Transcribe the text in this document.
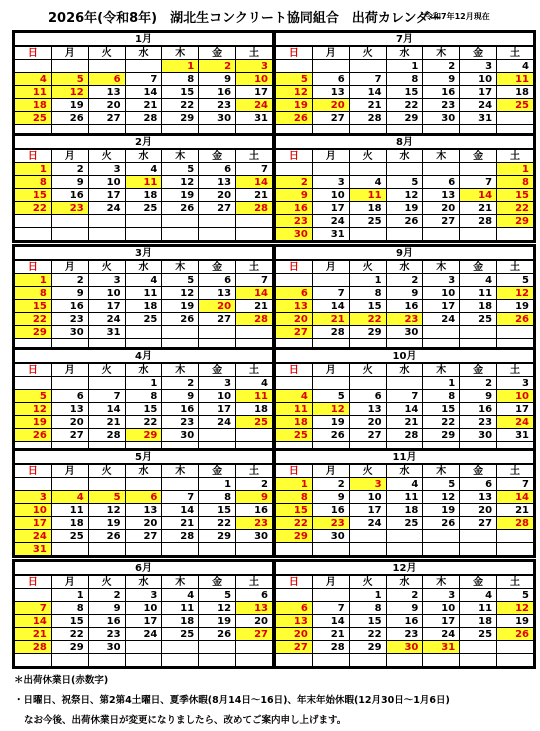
2026年(令和8年)　湖北生コンクリート協同組合　出荷カレンダー
令和7年12月現在
1月						
日	月	火	水	木	金	土
				1	2	3
4	5	6	7	8	9	10
11	12	13	14	15	16	17
18	19	20	21	22	23	24
25	26	27	28	29	30	31

2月						
日	月	火	水	木	金	土
1	2	3	4	5	6	7
8	9	10	11	12	13	14
15	16	17	18	19	20	21
22	23	24	25	26	27	28

3月						
日	月	火	水	木	金	土
1	2	3	4	5	6	7
8	9	10	11	12	13	14
15	16	17	18	19	20	21
22	23	24	25	26	27	28
29	30	31				

4月						
日	月	火	水	木	金	土
			1	2	3	4
5	6	7	8	9	10	11
12	13	14	15	16	17	18
19	20	21	22	23	24	25
26	27	28	29	30		

5月						
日	月	火	水	木	金	土
					1	2
3	4	5	6	7	8	9
10	11	12	13	14	15	16
17	18	19	20	21	22	23
24	25	26	27	28	29	30
31						
6月						
日	月	火	水	木	金	土
	1	2	3	4	5	6
7	8	9	10	11	12	13
14	15	16	17	18	19	20
21	22	23	24	25	26	27
28	29	30				

7月						
日	月	火	水	木	金	土
			1	2	3	4
5	6	7	8	9	10	11
12	13	14	15	16	17	18
19	20	21	22	23	24	25
26	27	28	29	30	31	

8月						
日	月	火	水	木	金	土
						1
2	3	4	5	6	7	8
9	10	11	12	13	14	15
16	17	18	19	20	21	22
23	24	25	26	27	28	29
30	31					
9月						
日	月	火	水	木	金	土
		1	2	3	4	5
6	7	8	9	10	11	12
13	14	15	16	17	18	19
20	21	22	23	24	25	26
27	28	29	30			

10月						
日	月	火	水	木	金	土
				1	2	3
4	5	6	7	8	9	10
11	12	13	14	15	16	17
18	19	20	21	22	23	24
25	26	27	28	29	30	31

11月						
日	月	火	水	木	金	土
1	2	3	4	5	6	7
8	9	10	11	12	13	14
15	16	17	18	19	20	21
22	23	24	25	26	27	28
29	30					

12月						
日	月	火	水	木	金	土
		1	2	3	4	5
6	7	8	9	10	11	12
13	14	15	16	17	18	19
20	21	22	23	24	25	26
27	28	29	30	31		

＊出荷休業日(赤数字)
・日曜日、祝祭日、第2第4土曜日、夏季休暇(8月14日～16日)、年末年始休暇(12月30日～1月6日)
なお今後、出荷休業日が変更になりましたら、改めてご案内申し上げます。
